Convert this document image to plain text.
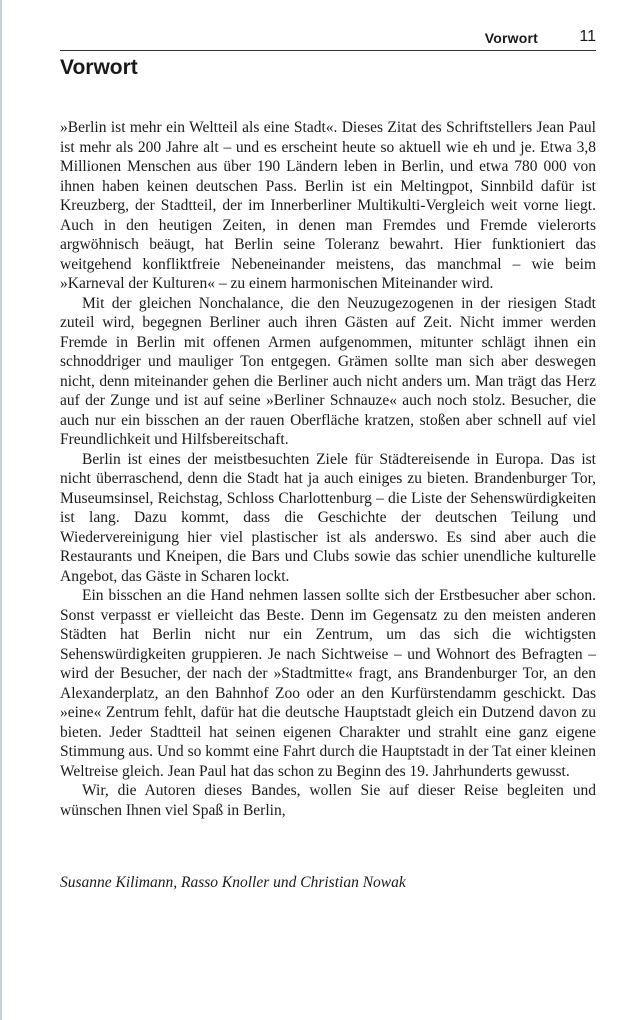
Vorwort	11
Vorwort

»Berlin ist mehr ein Weltteil als eine Stadt«. Dieses Zitat des Schriftstellers Jean Paul ist mehr als 200 Jahre alt – und es erscheint heute so aktuell wie eh und je. Etwa 3,8 Millionen Menschen aus über 190 Ländern leben in Berlin, und etwa 780 000 von ihnen haben keinen deutschen Pass. Berlin ist ein Meltingpot, Sinnbild dafür ist Kreuzberg, der Stadtteil, der im Innerberliner Multikulti-Vergleich weit vorne liegt. Auch in den heutigen Zeiten, in denen man Fremdes und Fremde vielerorts argwöhnisch beäugt, hat Berlin seine Toleranz bewahrt. Hier funktioniert das weitgehend konfliktfreie Nebeneinander meistens, das manchmal – wie beim »Karneval der Kulturen« – zu einem harmonischen Miteinander wird.

Mit der gleichen Nonchalance, die den Neuzugezogenen in der riesigen Stadt zuteil wird, begegnen Berliner auch ihren Gästen auf Zeit. Nicht immer werden Fremde in Berlin mit offenen Armen aufgenommen, mitunter schlägt ihnen ein schnoddriger und mauliger Ton entgegen. Grämen sollte man sich aber deswegen nicht, denn miteinander gehen die Berliner auch nicht anders um. Man trägt das Herz auf der Zunge und ist auf seine »Berliner Schnauze« auch noch stolz. Besucher, die auch nur ein bisschen an der rauen Oberfläche kratzen, stoßen aber schnell auf viel Freundlichkeit und Hilfsbereitschaft.

Berlin ist eines der meistbesuchten Ziele für Städtereisende in Europa. Das ist nicht überraschend, denn die Stadt hat ja auch einiges zu bieten. Brandenburger Tor, Museumsinsel, Reichstag, Schloss Charlottenburg – die Liste der Sehenswürdigkeiten ist lang. Dazu kommt, dass die Geschichte der deutschen Teilung und Wiedervereinigung hier viel plastischer ist als anderswo. Es sind aber auch die Restaurants und Kneipen, die Bars und Clubs sowie das schier unendliche kulturelle Angebot, das Gäste in Scharen lockt.

Ein bisschen an die Hand nehmen lassen sollte sich der Erstbesucher aber schon. Sonst verpasst er vielleicht das Beste. Denn im Gegensatz zu den meisten anderen Städten hat Berlin nicht nur ein Zentrum, um das sich die wichtigsten Sehenswürdigkeiten gruppieren. Je nach Sichtweise – und Wohnort des Befragten – wird der Besucher, der nach der »Stadtmitte« fragt, ans Brandenburger Tor, an den Alexanderplatz, an den Bahnhof Zoo oder an den Kurfürstendamm geschickt. Das »eine« Zentrum fehlt, dafür hat die deutsche Hauptstadt gleich ein Dutzend davon zu bieten. Jeder Stadtteil hat seinen eigenen Charakter und strahlt eine ganz eigene Stimmung aus. Und so kommt eine Fahrt durch die Hauptstadt in der Tat einer kleinen Weltreise gleich. Jean Paul hat das schon zu Beginn des 19. Jahrhunderts gewusst.

Wir, die Autoren dieses Bandes, wollen Sie auf dieser Reise begleiten und wünschen Ihnen viel Spaß in Berlin,

Susanne Kilimann, Rasso Knoller und Christian Nowak
